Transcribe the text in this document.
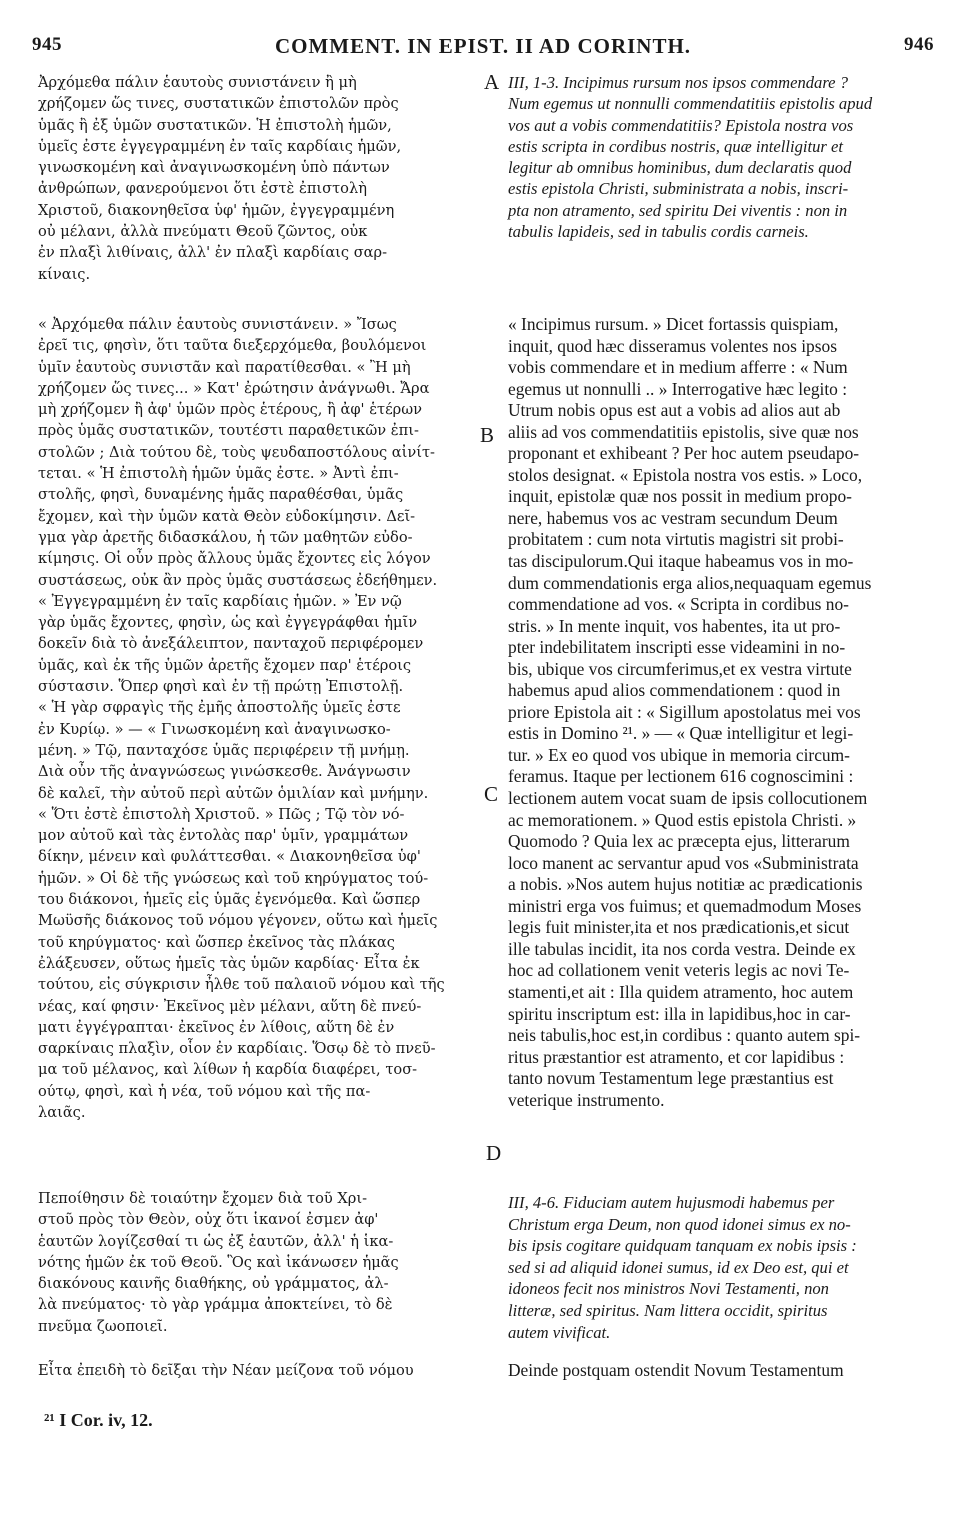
945	COMMENT. IN EPIST. II AD CORINTH.	946
Ἀρχόμεθα πάλιν ἑαυτοὺς συνιστάνειν ἢ μὴ
χρήζομεν ὥς τινες, συστατικῶν ἐπιστολῶν πρὸς
ὑμᾶς ἢ ἐξ ὑμῶν συστατικῶν. Ἡ ἐπιστολὴ ἡμῶν,
ὑμεῖς ἐστε ἐγγεγραμμένη ἐν ταῖς καρδίαις ἡμῶν,
γινωσκομένη καὶ ἀναγινωσκομένη ὑπὸ πάντων
ἀνθρώπων, φανερούμενοι ὅτι ἐστὲ ἐπιστολὴ
Χριστοῦ, διακονηθεῖσα ὑφ' ἡμῶν, ἐγγεγραμμένη
οὐ μέλανι, ἀλλὰ πνεύματι Θεοῦ ζῶντος, οὐκ
ἐν πλαξὶ λιθίναις, ἀλλ' ἐν πλαξὶ καρδίαις σαρ-
κίναις.
« Ἀρχόμεθα πάλιν ἑαυτοὺς συνιστάνειν. » Ἴσως
ἐρεῖ τις, φησὶν, ὅτι ταῦτα διεξερχόμεθα, βουλόμενοι
ὑμῖν ἑαυτοὺς συνιστᾶν καὶ παρατίθεσθαι. « Ἢ μὴ
χρήζομεν ὥς τινες... » Κατ' ἐρώτησιν ἀνάγνωθι. Ἄρα
μὴ χρήζομεν ἢ ἀφ' ὑμῶν πρὸς ἑτέρους, ἢ ἀφ' ἑτέρων
πρὸς ὑμᾶς συστατικῶν, τουτέστι παραθετικῶν ἐπι-
στολῶν ; Διὰ τούτου δὲ, τοὺς ψευδαποστόλους αἰνίτ-
τεται. « Ἡ ἐπιστολὴ ἡμῶν ὑμᾶς ἐστε. » Ἀντὶ ἐπι-
στολῆς, φησὶ, δυναμένης ἡμᾶς παραθέσθαι, ὑμᾶς
ἔχομεν, καὶ τὴν ὑμῶν κατὰ Θεὸν εὐδοκίμησιν. Δεῖ-
γμα γὰρ ἀρετῆς διδασκάλου, ἡ τῶν μαθητῶν εὐδο-
κίμησις. Οἱ οὖν πρὸς ἄλλους ὑμᾶς ἔχοντες εἰς λόγον
συστάσεως, οὐκ ἂν πρὸς ὑμᾶς συστάσεως ἐδεήθημεν.
« Ἐγγεγραμμένη ἐν ταῖς καρδίαις ἡμῶν. » Ἐν νῷ
γὰρ ὑμᾶς ἔχοντες, φησὶν, ὡς καὶ ἐγγεγράφθαι ἡμῖν
δοκεῖν διὰ τὸ ἀνεξάλειπτον, πανταχοῦ περιφέρομεν
ὑμᾶς, καὶ ἐκ τῆς ὑμῶν ἀρετῆς ἔχομεν παρ' ἑτέροις
σύστασιν. Ὅπερ φησὶ καὶ ἐν τῇ πρώτῃ Ἐπιστολῇ.
« Ἡ γὰρ σφραγὶς τῆς ἐμῆς ἀποστολῆς ὑμεῖς ἐστε
ἐν Κυρίῳ. » — « Γινωσκομένη καὶ ἀναγινωσκο-
μένη. » Τῷ, πανταχόσε ὑμᾶς περιφέρειν τῇ μνήμῃ.
Διὰ οὖν τῆς ἀναγνώσεως γινώσκεσθε. Ἀνάγνωσιν
δὲ καλεῖ, τὴν αὐτοῦ περὶ αὐτῶν ὁμιλίαν καὶ μνήμην.
« Ὅτι ἐστὲ ἐπιστολὴ Χριστοῦ. » Πῶς ; Τῷ τὸν νό-
μον αὐτοῦ καὶ τὰς ἐντολὰς παρ' ὑμῖν, γραμμάτων
δίκην, μένειν καὶ φυλάττεσθαι. « Διακονηθεῖσα ὑφ'
ἡμῶν. » Οἱ δὲ τῆς γνώσεως καὶ τοῦ κηρύγματος τού-
του διάκονοι, ἡμεῖς εἰς ὑμᾶς ἐγενόμεθα. Καὶ ὥσπερ
Μωϋσῆς διάκονος τοῦ νόμου γέγονεν, οὕτω καὶ ἡμεῖς
τοῦ κηρύγματος· καὶ ὥσπερ ἐκεῖνος τὰς πλάκας
ἐλάξευσεν, οὕτως ἡμεῖς τὰς ὑμῶν καρδίας· Εἶτα ἐκ
τούτου, εἰς σύγκρισιν ἦλθε τοῦ παλαιοῦ νόμου καὶ τῆς
νέας, καί φησιν· Ἐκεῖνος μὲν μέλανι, αὕτη δὲ πνεύ-
ματι ἐγγέγραπται· ἐκεῖνος ἐν λίθοις, αὕτη δὲ ἐν
σαρκίναις πλαξὶν, οἷον ἐν καρδίαις. Ὅσῳ δὲ τὸ πνεῦ-
μα τοῦ μέλανος, καὶ λίθων ἡ καρδία διαφέρει, τοσ-
ούτῳ, φησὶ, καὶ ἡ νέα, τοῦ νόμου καὶ τῆς πα-
λαιᾶς.
Πεποίθησιν δὲ τοιαύτην ἔχομεν διὰ τοῦ Χρι-
στοῦ πρὸς τὸν Θεὸν, οὐχ ὅτι ἱκανοί ἐσμεν ἀφ'
ἑαυτῶν λογίζεσθαί τι ὡς ἐξ ἑαυτῶν, ἀλλ' ἡ ἱκα-
νότης ἡμῶν ἐκ τοῦ Θεοῦ. Ὃς καὶ ἱκάνωσεν ἡμᾶς
διακόνους καινῆς διαθήκης, οὐ γράμματος, ἀλ-
λὰ πνεύματος· τὸ γὰρ γράμμα ἀποκτείνει, τὸ δὲ
πνεῦμα ζωοποιεῖ.
Εἶτα ἐπειδὴ τὸ δεῖξαι τὴν Νέαν μείζονα τοῦ νόμου
A
B
C
D
III, 1-3. Incipimus rursum nos ipsos commendare ?
Num egemus ut nonnulli commendatitiis epistolis apud
vos aut a vobis commendatitiis? Epistola nostra vos
estis scripta in cordibus nostris, quæ intelligitur et
legitur ab omnibus hominibus, dum declaratis quod
estis epistola Christi, subministrata a nobis, inscri-
pta non atramento, sed spiritu Dei viventis : non in
tabulis lapideis, sed in tabulis cordis carneis.
« Incipimus rursum. » Dicet fortassis quispiam,
inquit, quod hæc disseramus volentes nos ipsos
vobis commendare et in medium afferre : « Num
egemus ut nonnulli .. » Interrogative hæc legito :
Utrum nobis opus est aut a vobis ad alios aut ab
aliis ad vos commendatitiis epistolis, sive quæ nos
proponant et exhibeant ? Per hoc autem pseudapo-
stolos designat. « Epistola nostra vos estis. » Loco,
inquit, epistolæ quæ nos possit in medium propo-
nere, habemus vos ac vestram secundum Deum
probitatem : cum nota virtutis magistri sit probi-
tas discipulorum.Qui itaque habeamus vos in mo-
dum commendationis erga alios,nequaquam egemus
commendatione ad vos. « Scripta in cordibus no-
stris. » In mente inquit, vos habentes, ita ut pro-
pter indebilitatem inscripti esse videamini in no-
bis, ubique vos circumferimus,et ex vestra virtute
habemus apud alios commendationem : quod in
priore Epistola ait : « Sigillum apostolatus mei vos
estis in Domino ²¹. » — « Quæ intelligitur et legi-
tur. » Ex eo quod vos ubique in memoria circum-
feramus. Itaque per lectionem 616 cognoscimini :
lectionem autem vocat suam de ipsis collocutionem
ac memorationem. » Quod estis epistola Christi. »
Quomodo ? Quia lex ac præcepta ejus, litterarum
loco manent ac servantur apud vos «Subministrata
a nobis. »Nos autem hujus notitiæ ac prædicationis
ministri erga vos fuimus; et quemadmodum Moses
legis fuit minister,ita et nos prædicationis,et sicut
ille tabulas incidit, ita nos corda vestra. Deinde ex
hoc ad collationem venit veteris legis ac novi Te-
stamenti,et ait : Illa quidem atramento, hoc autem
spiritu inscriptum est: illa in lapidibus,hoc in car-
neis tabulis,hoc est,in cordibus : quanto autem spi-
ritus præstantior est atramento, et cor lapidibus :
tanto novum Testamentum lege præstantius est
veterique instrumento.
III, 4-6. Fiduciam autem hujusmodi habemus per
Christum erga Deum, non quod idonei simus ex no-
bis ipsis cogitare quidquam tanquam ex nobis ipsis :
sed si ad aliquid idonei sumus, id ex Deo est, qui et
idoneos fecit nos ministros Novi Testamenti, non
litteræ, sed spiritus. Nam littera occidit, spiritus
autem vivificat.
Deinde postquam ostendit Novum Testamentum
²¹ I Cor. iv, 12.
